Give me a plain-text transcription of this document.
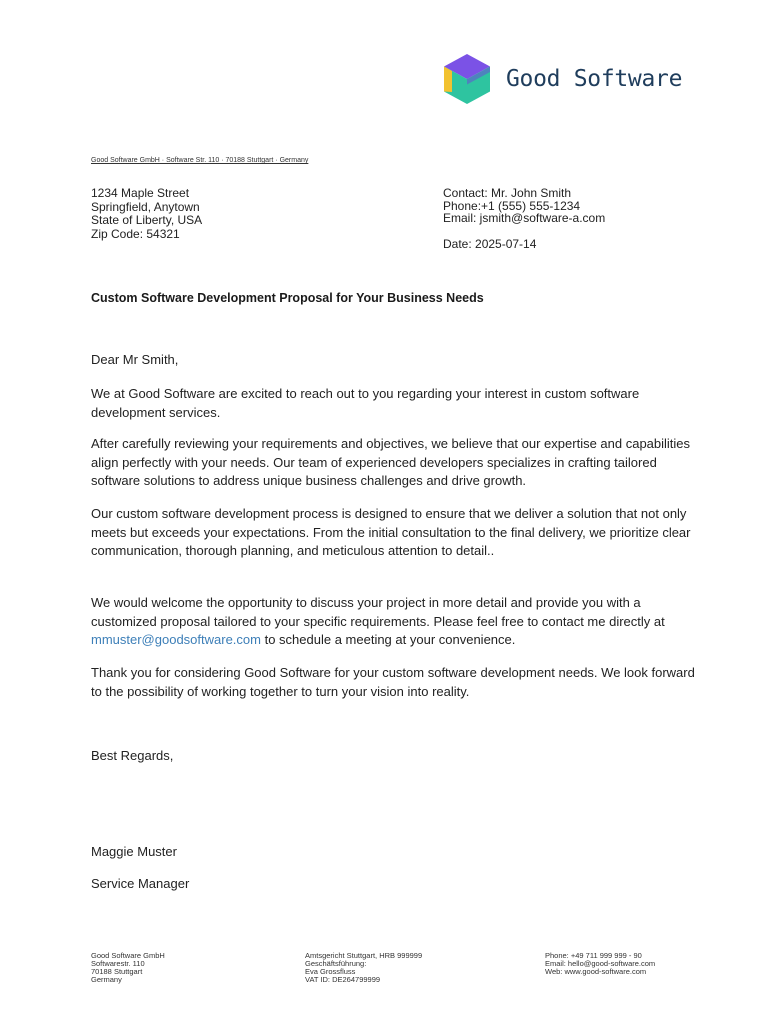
Good Software
Good Software GmbH · Software Str. 110 · 70188 Stuttgart · Germany
1234 Maple Street
Springfield, Anytown
State of Liberty, USA
Zip Code: 54321
Contact: Mr. John Smith
Phone:+1 (555) 555-1234
Email: jsmith@software-a.com
Date: 2025-07-14
Custom Software Development Proposal for Your Business Needs
Dear Mr Smith,

We at Good Software are excited to reach out to you regarding your interest in custom software development services.

After carefully reviewing your requirements and objectives, we believe that our expertise and capabilities align perfectly with your needs. Our team of experienced developers specializes in crafting tailored software solutions to address unique business challenges and drive growth.

Our custom software development process is designed to ensure that we deliver a solution that not only meets but exceeds your expectations. From the initial consultation to the final delivery, we prioritize clear communication, thorough planning, and meticulous attention to detail..

We would welcome the opportunity to discuss your project in more detail and provide you with a customized proposal tailored to your specific requirements. Please feel free to contact me directly at mmuster@goodsoftware.com to schedule a meeting at your convenience.

Thank you for considering Good Software for your custom software development needs. We look forward to the possibility of working together to turn your vision into reality.

Best Regards,
Maggie Muster
Service Manager
Good Software GmbH
Softwarestr. 110
70188 Stuttgart
Germany
Amtsgericht Stuttgart, HRB 999999
Geschäftsführung:
Eva Grossfluss
VAT ID: DE264799999
Phone: +49 711 999 999 - 90
Email: hello@good-software.com
Web: www.good-software.com
